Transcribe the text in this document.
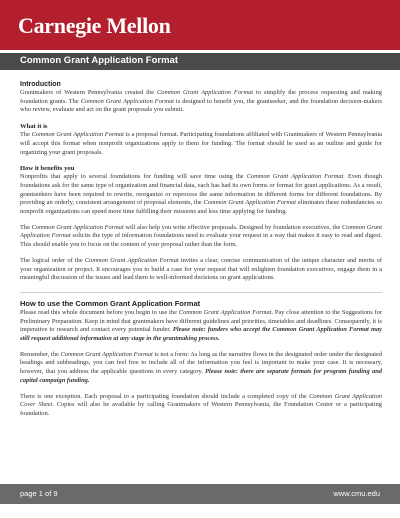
Carnegie Mellon
Common Grant Application Format
Introduction

Grantmakers of Western Pennsylvania created the Common Grant Application Format to simplify the process requesting and making foundation grants. The Common Grant Application Format is designed to benefit you, the grantseeker, and the foundation decision-makers who review, evaluate and act on the grant proposals you submit.

What it is

The Common Grant Application Format is a proposal format. Participating foundations affiliated with Grantmakers of Western Pennsylvania will accept this format when nonprofit organizations apply to them for funding. The format should be used as an outline and guide for organizing your grant proposals.

How it benefits you

Nonprofits that apply to several foundations for funding will save time using the Common Grant Application Format. Even though foundations ask for the same type of organization and financial data, each has had its own forms or format for grant applications. As a result, grantseekers have been required to rewrite, reorganize or reprocess the same information in different forms for different foundations. By providing an orderly, consistent arrangement of proposal elements, the Common Grant Application Format eliminates these redundancies so nonprofit organizations can spend more time fulfilling their missions and less time applying for funding.

The Common Grant Application Format will also help you write effective proposals. Designed by foundation executives, the Common Grant Application Format solicits the type of information foundations need to evaluate your request in a way that makes it easy to read and digest. This should enable you to focus on the content of your proposal rather than the form.

The logical order of the Common Grant Application Format invites a clear, concise communication of the unique character and merits of your organization or project. It encourages you to build a case for your request that will enlighten foundation executives, engage them in a meaningful discussion of the issues and lead them to well-informed decisions on grant applications.

How to use the Common Grant Application Format

Please read this whole document before you begin to use the Common Grant Application Format. Pay close attention to the Suggestions for Preliminary Preparation. Keep in mind that grantmakers have different guidelines and priorities, timetables and deadlines. Consequently, it is imperative to research and contact every potential funder. Please note: funders who accept the Common Grant Application Format may still request additional information at any stage in the grantmaking process.

Remember, the Common Grant Application Format is not a form: As long as the narrative flows in the designated order under the designated headings and subheadings, you can feel free to include all of the information you feel is important to make your case. It is necessary, however, that you address the applicable questions in every category. Please note: there are separate formats for program funding and capital campaign funding.

There is one exception. Each proposal to a participating foundation should include a completed copy of the Common Grant Application Cover Sheet. Copies will also be available by calling Grantmakers of Western Pennsylvania, the Foundation Center or a participating foundation.

page 1 of 9	www.cmu.edu
